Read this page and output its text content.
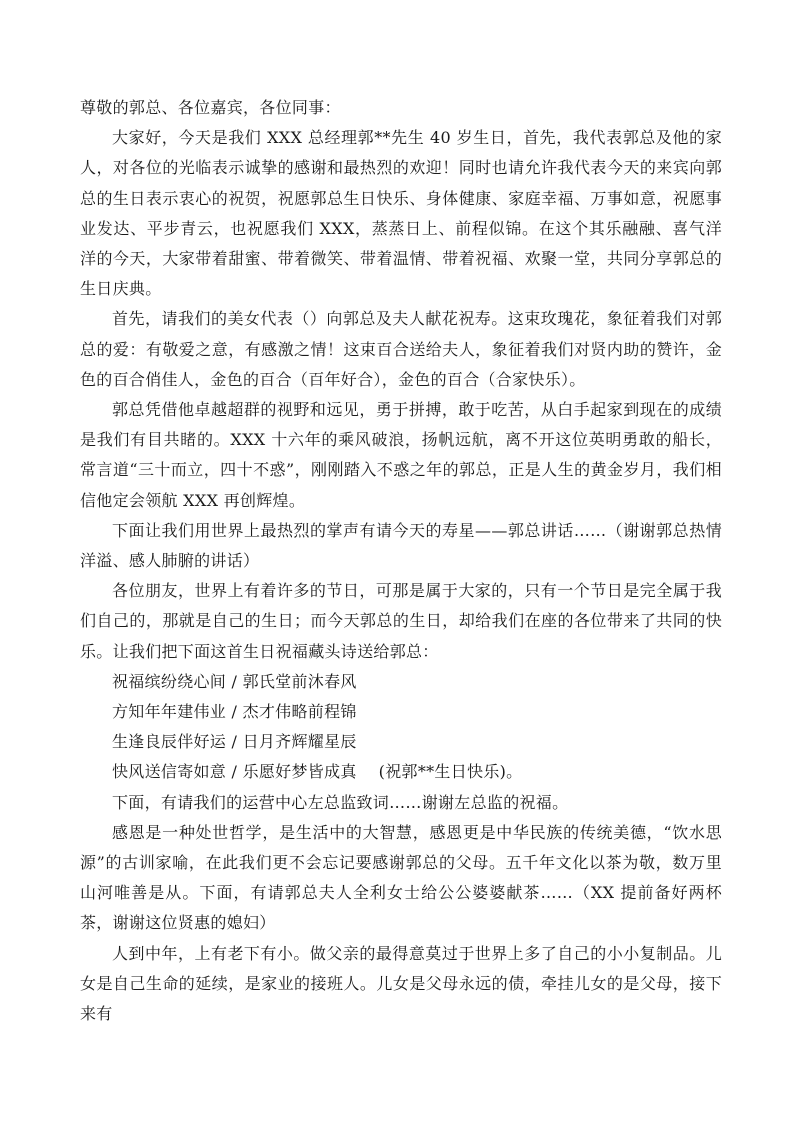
尊敬的郭总、各位嘉宾，各位同事：

大家好，今天是我们 XXX 总经理郭**先生 40 岁生日，首先，我代表郭总及他的家人，对各位的光临表示诚挚的感谢和最热烈的欢迎！同时也请允许我代表今天的来宾向郭总的生日表示衷心的祝贺，祝愿郭总生日快乐、身体健康、家庭幸福、万事如意，祝愿事业发达、平步青云，也祝愿我们 XXX，蒸蒸日上、前程似锦。在这个其乐融融、喜气洋洋的今天，大家带着甜蜜、带着微笑、带着温情、带着祝福、欢聚一堂，共同分享郭总的生日庆典。

首先，请我们的美女代表（）向郭总及夫人献花祝寿。这束玫瑰花，象征着我们对郭总的爱：有敬爱之意，有感激之情！这束百合送给夫人，象征着我们对贤内助的赞许，金色的百合俏佳人，金色的百合（百年好合），金色的百合（合家快乐）。

郭总凭借他卓越超群的视野和远见，勇于拼搏，敢于吃苦，从白手起家到现在的成绩是我们有目共睹的。XXX 十六年的乘风破浪，扬帆远航，离不开这位英明勇敢的船长，常言道“三十而立，四十不惑”，刚刚踏入不惑之年的郭总，正是人生的黄金岁月，我们相信他定会领航 XXX 再创辉煌。

下面让我们用世界上最热烈的掌声有请今天的寿星——郭总讲话……（谢谢郭总热情洋溢、感人肺腑的讲话）

各位朋友，世界上有着许多的节日，可那是属于大家的，只有一个节日是完全属于我们自己的，那就是自己的生日；而今天郭总的生日，却给我们在座的各位带来了共同的快乐。让我们把下面这首生日祝福藏头诗送给郭总：

祝福缤纷绕心间 / 郭氏堂前沐春风

方知年年建伟业 / 杰才伟略前程锦

生逢良辰伴好运 / 日月齐辉耀星辰

快风送信寄如意 / 乐愿好梦皆成真 (祝郭**生日快乐)。

下面，有请我们的运营中心左总监致词……谢谢左总监的祝福。

感恩是一种处世哲学，是生活中的大智慧，感恩更是中华民族的传统美德，“饮水思源”的古训家喻，在此我们更不会忘记要感谢郭总的父母。五千年文化以茶为敬，数万里山河唯善是从。下面，有请郭总夫人全利女士给公公婆婆献茶……（XX 提前备好两杯茶，谢谢这位贤惠的媳妇）

人到中年，上有老下有小。做父亲的最得意莫过于世界上多了自己的小小复制品。儿女是自己生命的延续，是家业的接班人。儿女是父母永远的债，牵挂儿女的是父母，接下来有
